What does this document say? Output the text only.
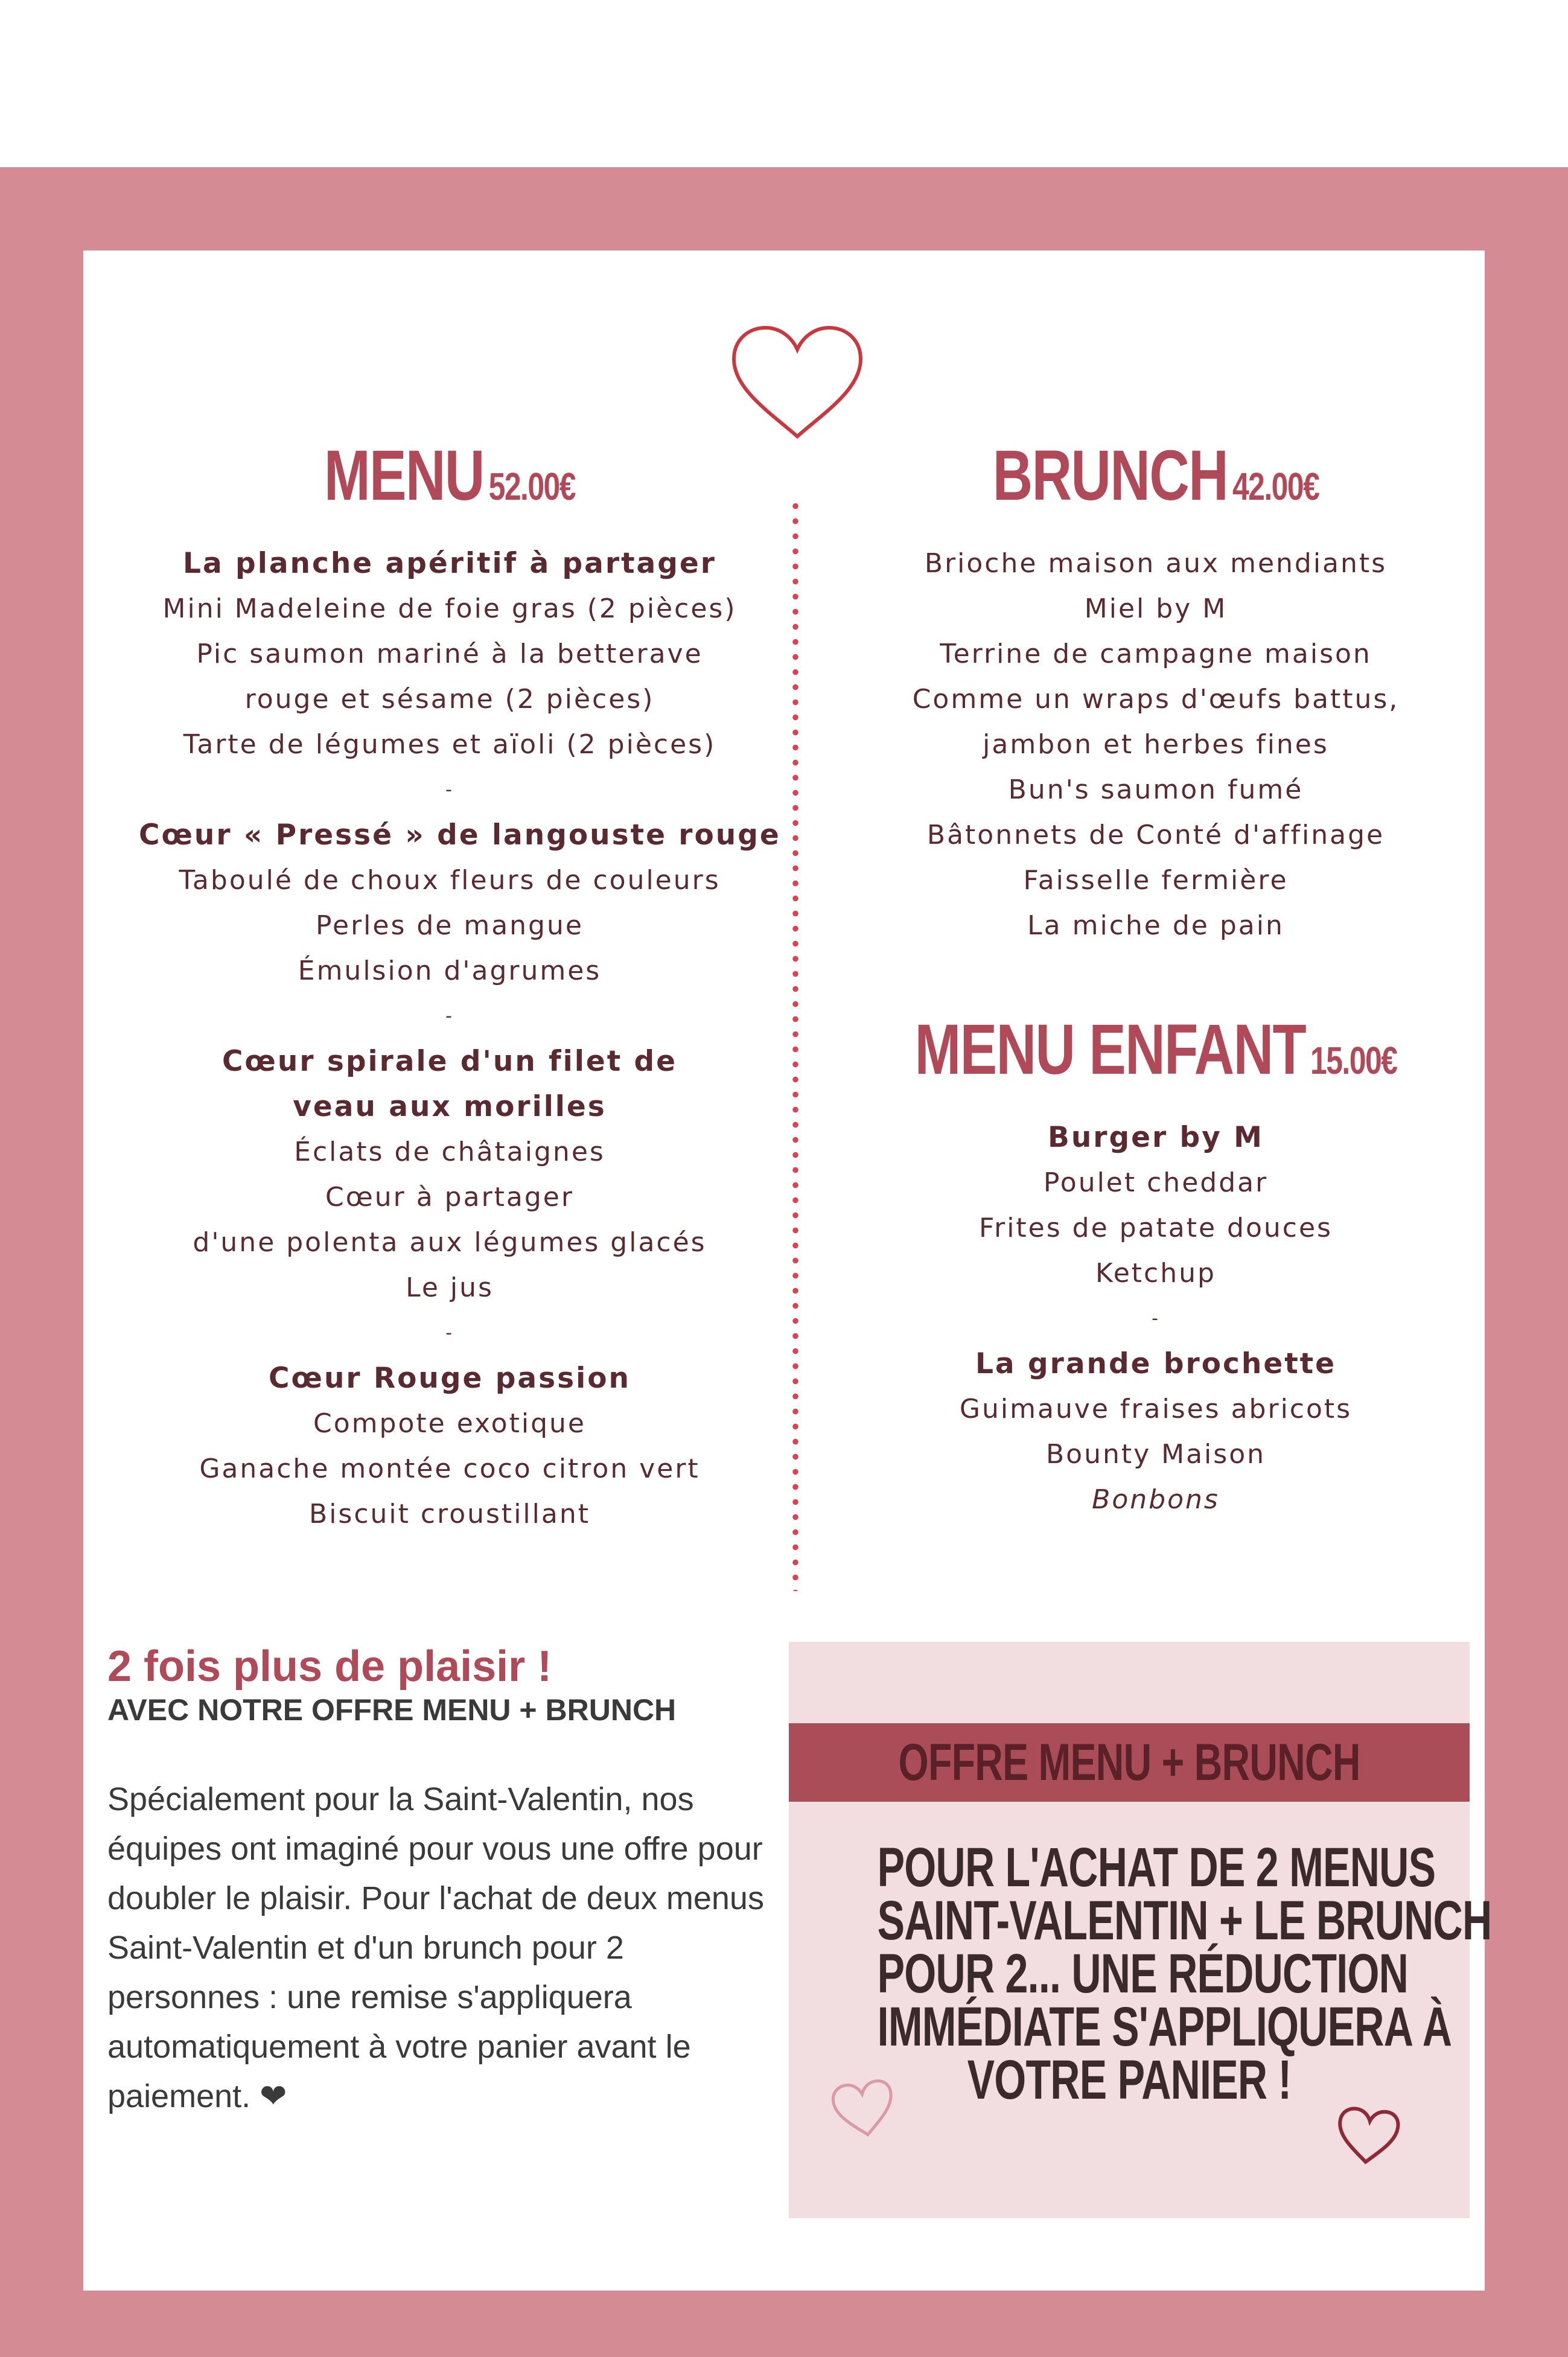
MENU 52.00€
La planche apéritif à partager
Mini Madeleine de foie gras (2 pièces)
Pic saumon mariné à la betterave
rouge et sésame (2 pièces)
Tarte de légumes et aïoli (2 pièces)
-
Cœur « Pressé » de langouste rouge
Taboulé de choux fleurs de couleurs
Perles de mangue
Émulsion d'agrumes
-
Cœur spirale d'un filet de
veau aux morilles
Éclats de châtaignes
Cœur à partager
d'une polenta aux légumes glacés
Le jus
-
Cœur Rouge passion
Compote exotique
Ganache montée coco citron vert
Biscuit croustillant
BRUNCH 42.00€
Brioche maison aux mendiants
Miel by M
Terrine de campagne maison
Comme un wraps d'œufs battus,
jambon et herbes fines
Bun's saumon fumé
Bâtonnets de Conté d'affinage
Faisselle fermière
La miche de pain
MENU ENFANT 15.00€
Burger by M
Poulet cheddar
Frites de patate douces
Ketchup
-
La grande brochette
Guimauve fraises abricots
Bounty Maison
Bonbons
2 fois plus de plaisir !
AVEC NOTRE OFFRE MENU + BRUNCH
Spécialement pour la Saint-Valentin, nos équipes ont imaginé pour vous une offre pour doubler le plaisir. Pour l'achat de deux menus Saint-Valentin et d'un brunch pour 2 personnes : une remise s'appliquera automatiquement à votre panier avant le paiement. ❤
OFFRE MENU + BRUNCH
POUR L'ACHAT DE 2 MENUS
SAINT-VALENTIN + LE BRUNCH
POUR 2... UNE RÉDUCTION
IMMÉDIATE S'APPLIQUERA À
VOTRE PANIER !
